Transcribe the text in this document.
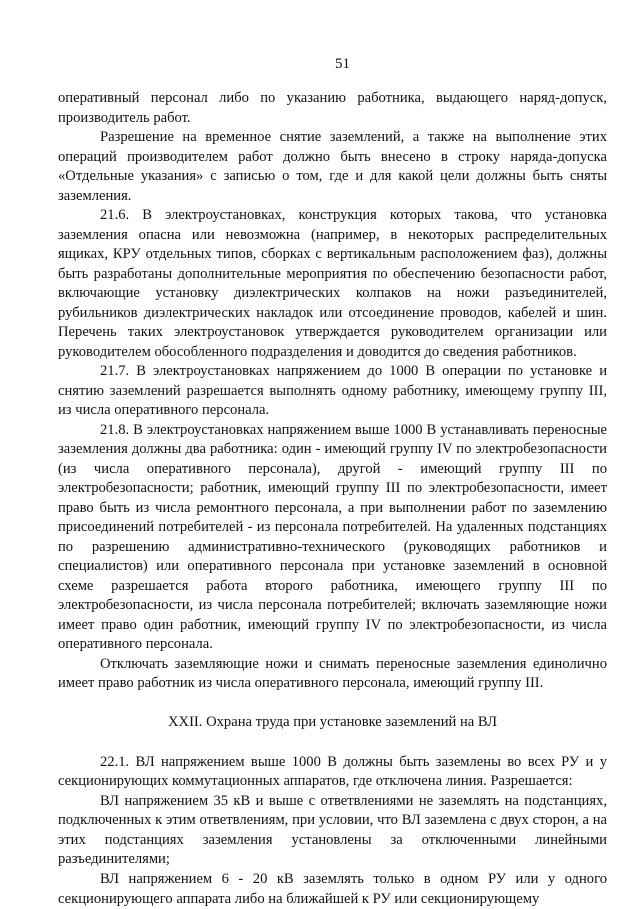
51

оперативный персонал либо по указанию работника, выдающего наряд-допуск, производитель работ.

Разрешение на временное снятие заземлений, а также на выполнение этих операций производителем работ должно быть внесено в строку наряда-допуска «Отдельные указания» с записью о том, где и для какой цели должны быть сняты заземления.

21.6. В электроустановках, конструкция которых такова, что установка заземления опасна или невозможна (например, в некоторых распределительных ящиках, КРУ отдельных типов, сборках с вертикальным расположением фаз), должны быть разработаны дополнительные мероприятия по обеспечению безопасности работ, включающие установку диэлектрических колпаков на ножи разъединителей, рубильников диэлектрических накладок или отсоединение проводов, кабелей и шин. Перечень таких электроустановок утверждается руководителем организации или руководителем обособленного подразделения и доводится до сведения работников.

21.7. В электроустановках напряжением до 1000 В операции по установке и снятию заземлений разрешается выполнять одному работнику, имеющему группу III, из числа оперативного персонала.

21.8. В электроустановках напряжением выше 1000 В устанавливать переносные заземления должны два работника: один - имеющий группу IV по электробезопасности (из числа оперативного персонала), другой - имеющий группу III по электробезопасности; работник, имеющий группу III по электробезопасности, имеет право быть из числа ремонтного персонала, а при выполнении работ по заземлению присоединений потребителей - из персонала потребителей. На удаленных подстанциях по разрешению административно-технического (руководящих работников и специалистов) или оперативного персонала при установке заземлений в основной схеме разрешается работа второго работника, имеющего группу III по электробезопасности, из числа персонала потребителей; включать заземляющие ножи имеет право один работник, имеющий группу IV по электробезопасности, из числа оперативного персонала.

Отключать заземляющие ножи и снимать переносные заземления единолично имеет право работник из числа оперативного персонала, имеющий группу III.

XXII. Охрана труда при установке заземлений на ВЛ

22.1. ВЛ напряжением выше 1000 В должны быть заземлены во всех РУ и у секционирующих коммутационных аппаратов, где отключена линия. Разрешается:

ВЛ напряжением 35 кВ и выше с ответвлениями не заземлять на подстанциях, подключенных к этим ответвлениям, при условии, что ВЛ заземлена с двух сторон, а на этих подстанциях заземления установлены за отключенными линейными разъединителями;

ВЛ напряжением 6 - 20 кВ заземлять только в одном РУ или у одного секционирующего аппарата либо на ближайшей к РУ или секционирующему
